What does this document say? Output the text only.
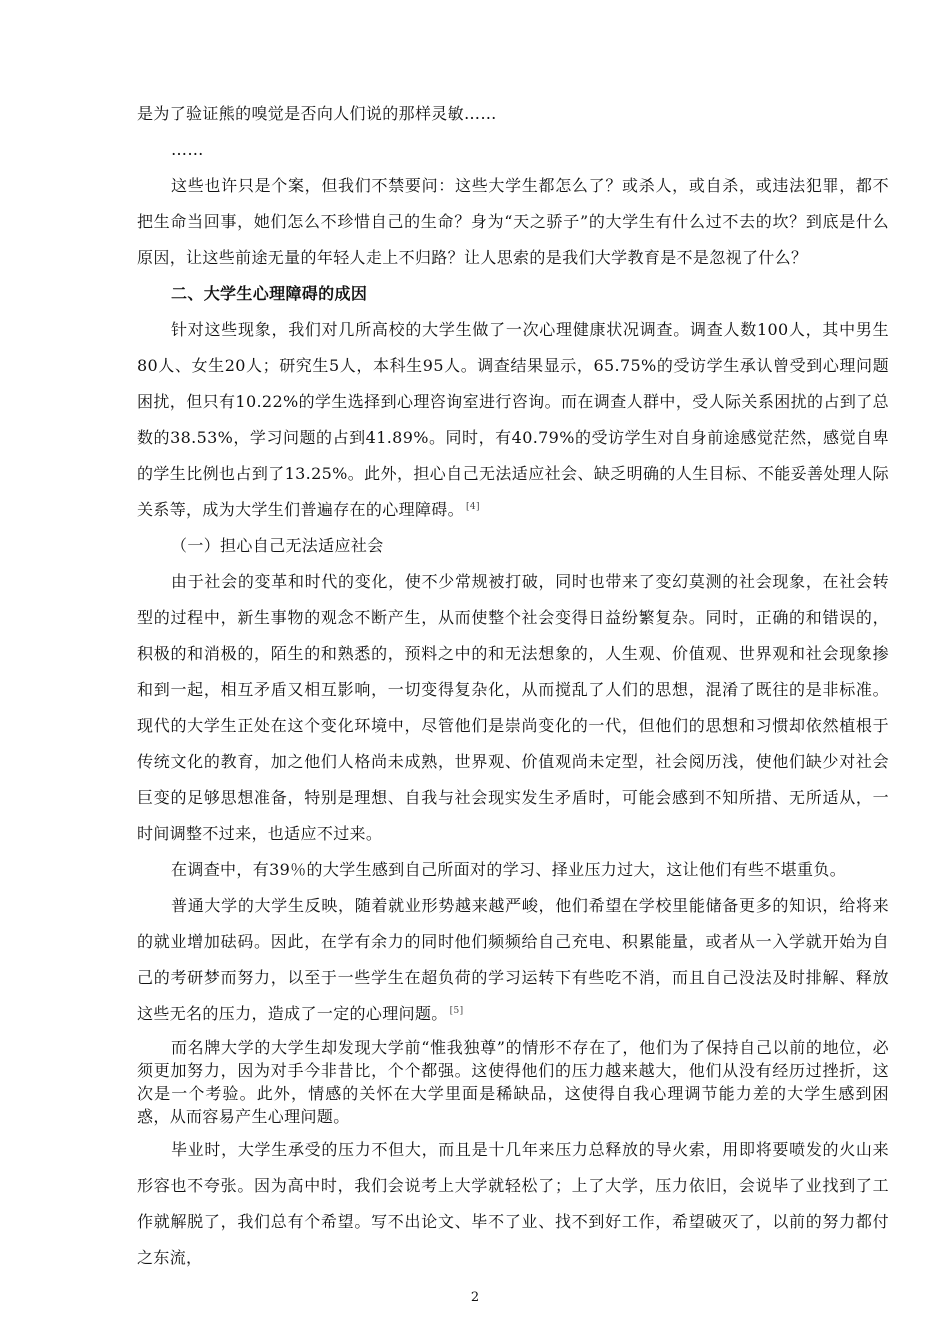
是为了验证熊的嗅觉是否向人们说的那样灵敏……

……

这些也许只是个案，但我们不禁要问：这些大学生都怎么了？或杀人，或自杀，或违法犯罪，都不把生命当回事，她们怎么不珍惜自己的生命？身为“天之骄子”的大学生有什么过不去的坎？到底是什么原因，让这些前途无量的年轻人走上不归路？让人思索的是我们大学教育是不是忽视了什么？

二、大学生心理障碍的成因

针对这些现象，我们对几所高校的大学生做了一次心理健康状况调查。调查人数100人，其中男生80人、女生20人；研究生5人，本科生95人。调查结果显示，65.75%的受访学生承认曾受到心理问题困扰，但只有10.22%的学生选择到心理咨询室进行咨询。而在调查人群中，受人际关系困扰的占到了总数的38.53%，学习问题的占到41.89%。同时，有40.79%的受访学生对自身前途感觉茫然，感觉自卑的学生比例也占到了13.25%。此外，担心自己无法适应社会、缺乏明确的人生目标、不能妥善处理人际关系等，成为大学生们普遍存在的心理障碍。 [4]

（一）担心自己无法适应社会

由于社会的变革和时代的变化，使不少常规被打破，同时也带来了变幻莫测的社会现象，在社会转型的过程中，新生事物的观念不断产生，从而使整个社会变得日益纷繁复杂。同时，正确的和错误的，积极的和消极的，陌生的和熟悉的，预料之中的和无法想象的，人生观、价值观、世界观和社会现象掺和到一起，相互矛盾又相互影响，一切变得复杂化，从而搅乱了人们的思想，混淆了既往的是非标准。现代的大学生正处在这个变化环境中，尽管他们是崇尚变化的一代，但他们的思想和习惯却依然植根于传统文化的教育，加之他们人格尚未成熟，世界观、价值观尚未定型，社会阅历浅，使他们缺少对社会巨变的足够思想准备，特别是理想、自我与社会现实发生矛盾时，可能会感到不知所措、无所适从，一时间调整不过来，也适应不过来。

在调查中，有39％的大学生感到自己所面对的学习、择业压力过大，这让他们有些不堪重负。

普通大学的大学生反映，随着就业形势越来越严峻，他们希望在学校里能储备更多的知识，给将来的就业增加砝码。因此，在学有余力的同时他们频频给自己充电、积累能量，或者从一入学就开始为自己的考研梦而努力，以至于一些学生在超负荷的学习运转下有些吃不消，而且自己没法及时排解、释放这些无名的压力，造成了一定的心理问题。 [5]

而名牌大学的大学生却发现大学前“惟我独尊”的情形不存在了，他们为了保持自己以前的地位，必须更加努力，因为对手今非昔比，个个都强。这使得他们的压力越来越大，他们从没有经历过挫折，这次是一个考验。此外，情感的关怀在大学里面是稀缺品，这使得自我心理调节能力差的大学生感到困惑，从而容易产生心理问题。

毕业时，大学生承受的压力不但大，而且是十几年来压力总释放的导火索，用即将要喷发的火山来形容也不夸张。因为高中时，我们会说考上大学就轻松了；上了大学，压力依旧，会说毕了业找到了工作就解脱了，我们总有个希望。写不出论文、毕不了业、找不到好工作，希望破灭了，以前的努力都付之东流，

2
